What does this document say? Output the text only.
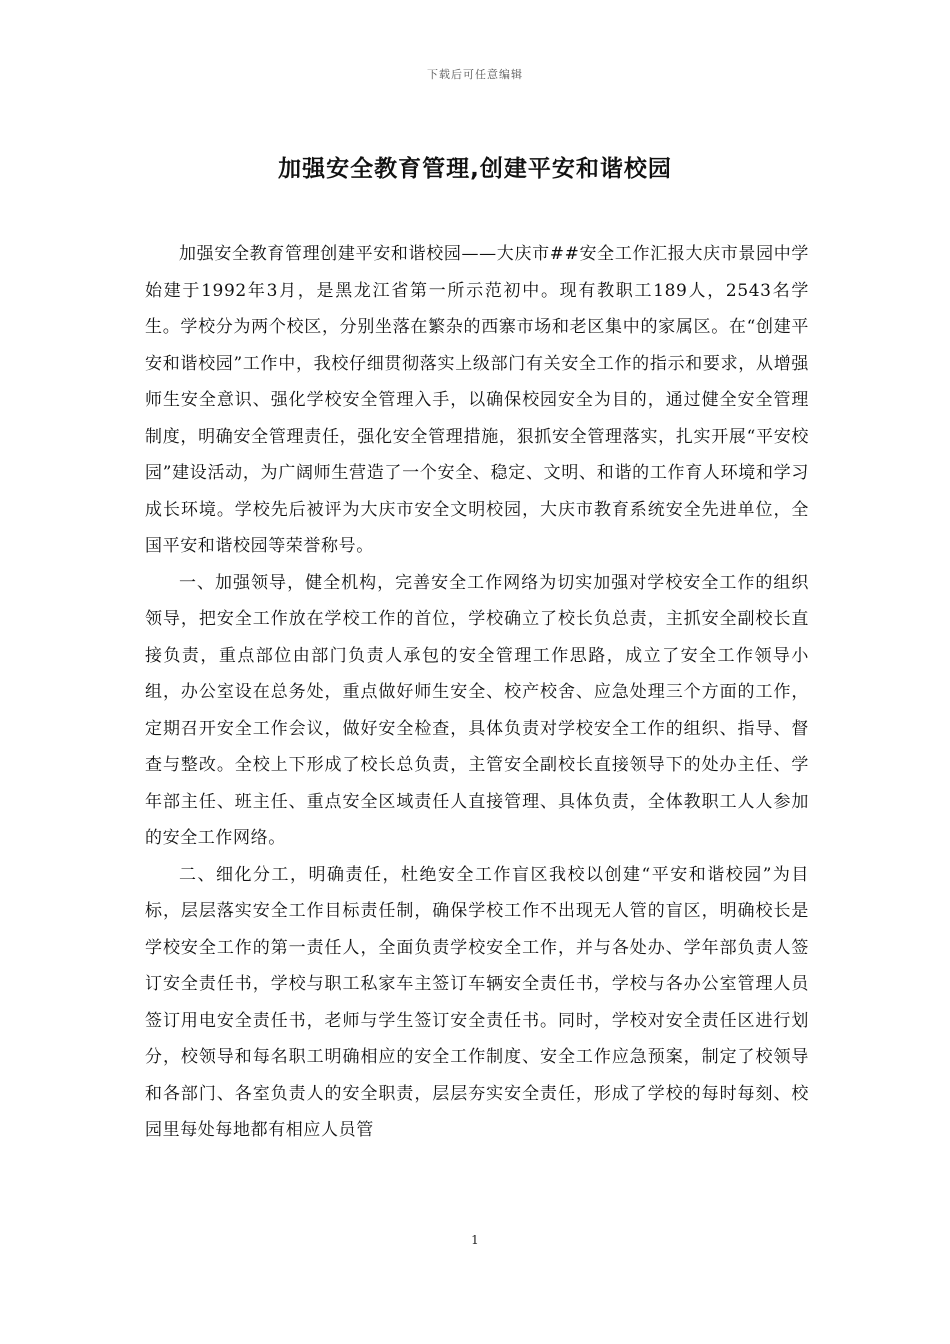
下载后可任意编辑
加强安全教育管理,创建平安和谐校园

加强安全教育管理创建平安和谐校园——大庆市##安全工作汇报大庆市景园中学始建于1992年3月，是黑龙江省第一所示范初中。现有教职工189人，2543名学生。学校分为两个校区，分别坐落在繁杂的西寨市场和老区集中的家属区。在“创建平安和谐校园”工作中，我校仔细贯彻落实上级部门有关安全工作的指示和要求，从增强师生安全意识、强化学校安全管理入手，以确保校园安全为目的，通过健全安全管理制度，明确安全管理责任，强化安全管理措施，狠抓安全管理落实，扎实开展“平安校园”建设活动，为广阔师生营造了一个安全、稳定、文明、和谐的工作育人环境和学习成长环境。学校先后被评为大庆市安全文明校园，大庆市教育系统安全先进单位，全国平安和谐校园等荣誉称号。

一、加强领导，健全机构，完善安全工作网络为切实加强对学校安全工作的组织领导，把安全工作放在学校工作的首位，学校确立了校长负总责，主抓安全副校长直接负责，重点部位由部门负责人承包的安全管理工作思路，成立了安全工作领导小组，办公室设在总务处，重点做好师生安全、校产校舍、应急处理三个方面的工作，定期召开安全工作会议，做好安全检查，具体负责对学校安全工作的组织、指导、督查与整改。全校上下形成了校长总负责，主管安全副校长直接领导下的处办主任、学年部主任、班主任、重点安全区域责任人直接管理、具体负责，全体教职工人人参加的安全工作网络。

二、细化分工，明确责任，杜绝安全工作盲区我校以创建“平安和谐校园”为目标，层层落实安全工作目标责任制，确保学校工作不出现无人管的盲区，明确校长是学校安全工作的第一责任人，全面负责学校安全工作，并与各处办、学年部负责人签订安全责任书，学校与职工私家车主签订车辆安全责任书，学校与各办公室管理人员签订用电安全责任书，老师与学生签订安全责任书。同时，学校对安全责任区进行划分，校领导和每名职工明确相应的安全工作制度、安全工作应急预案，制定了校领导和各部门、各室负责人的安全职责，层层夯实安全责任，形成了学校的每时每刻、校园里每处每地都有相应人员管

1
